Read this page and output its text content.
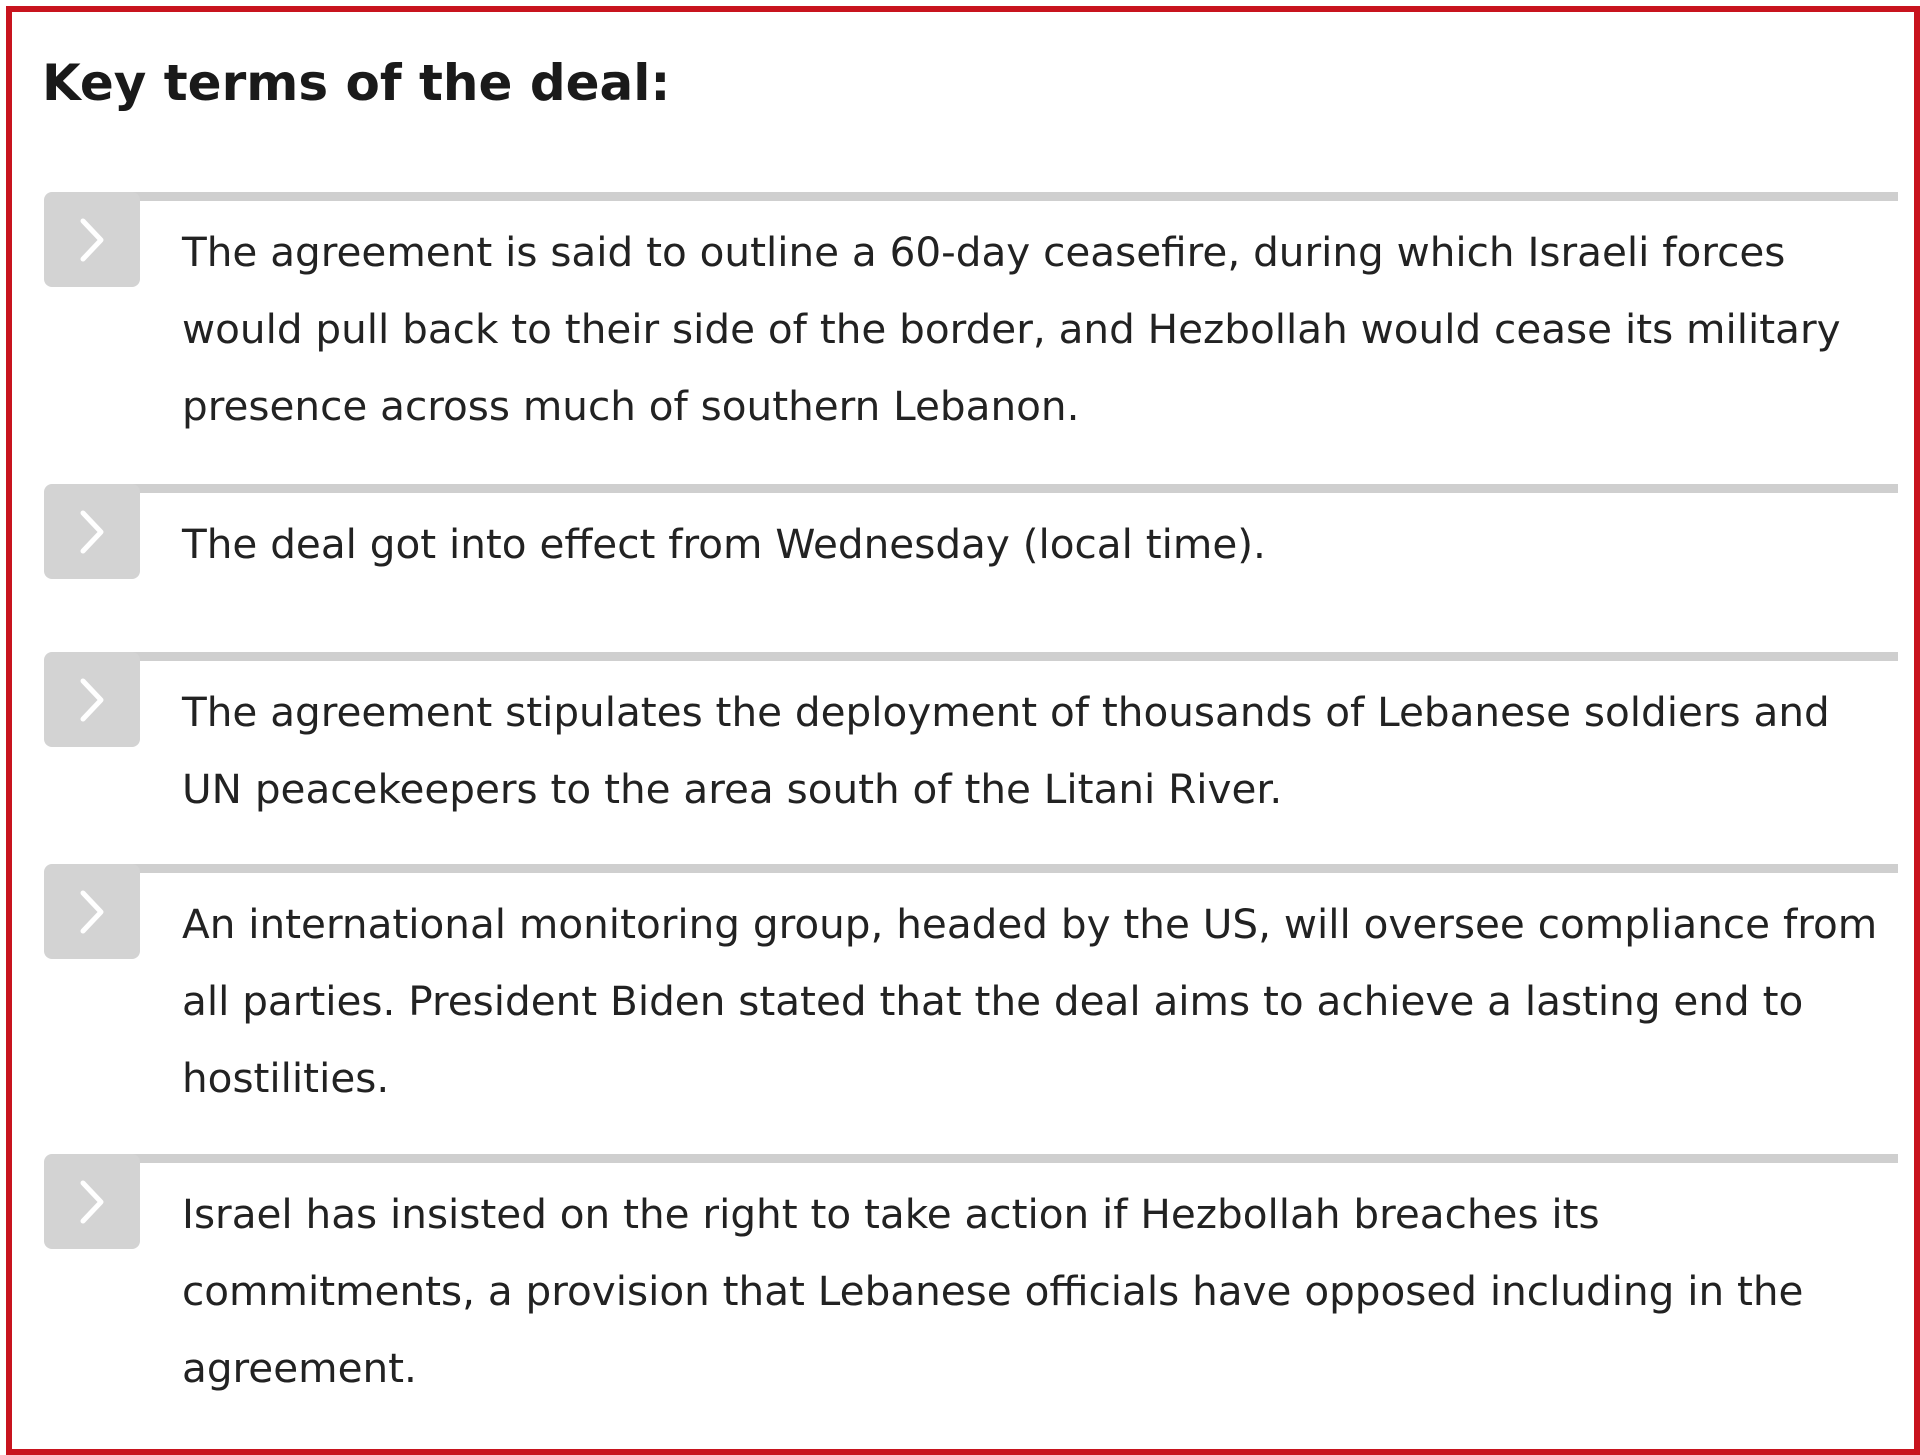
Key terms of the deal:

The agreement is said to outline a 60-day ceasefire, during which Israeli forces would pull back to their side of the border, and Hezbollah would cease its military presence across much of southern Lebanon.

The deal got into effect from Wednesday (local time).

The agreement stipulates the deployment of thousands of Lebanese soldiers and UN peacekeepers to the area south of the Litani River.

An international monitoring group, headed by the US, will oversee compliance from all parties. President Biden stated that the deal aims to achieve a lasting end to hostilities.

Israel has insisted on the right to take action if Hezbollah breaches its commitments, a provision that Lebanese officials have opposed including in the agreement.
